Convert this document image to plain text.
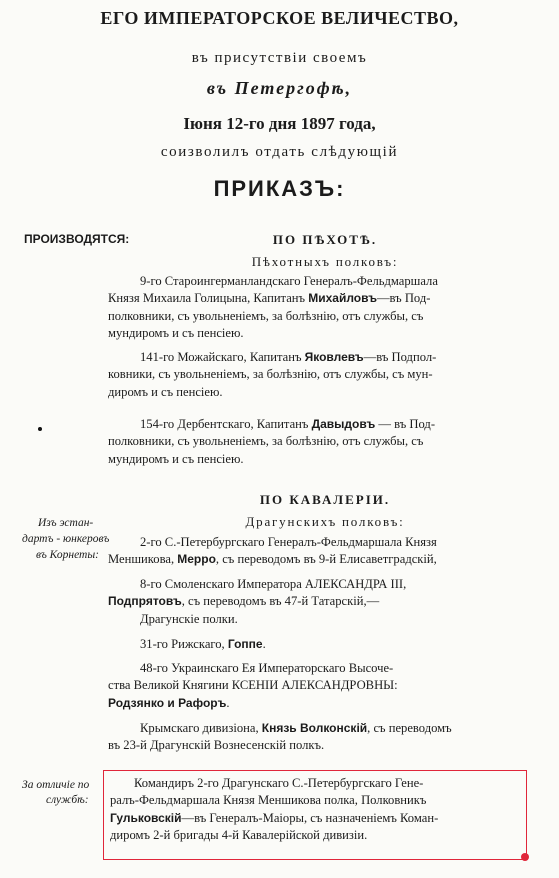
ЕГО ИМПЕРАТОРСКОЕ ВЕЛИЧЕСТВО,
въ присутствіи своемъ
въ Петергофѣ,
Іюня 12-го дня 1897 года,
соизволилъ отдать слѣдующій
ПРИКАЗЪ:
ПРОИЗВОДЯТСЯ:
Изъ эстан-
дартъ - юнкеровъ
въ Корнеты:
За отличіе по
службѣ:
ПО ПѢХОТѢ.
Пѣхотныхъ полковъ:
9-го Староингерманландскаго Генералъ-Фельдмаршала
Князя Михаила Голицына, Капитанъ Михайловъ—въ Под-
полковники, съ увольненіемъ, за болѣзнію, отъ службы, съ
мундиромъ и съ пенсіею.
141-го Можайскаго, Капитанъ Яковлевъ—въ Подпол-
ковники, съ увольненіемъ, за болѣзнію, отъ службы, съ мун-
диромъ и съ пенсіею.
154-го Дербентскаго, Капитанъ Давыдовъ — въ Под-
полковники, съ увольненіемъ, за болѣзнію, отъ службы, съ
мундиромъ и съ пенсіею.
ПО КАВАЛЕРІИ.
Драгунскихъ полковъ:
2-го С.-Петербургскаго Генералъ-Фельдмаршала Князя
Меншикова, Мерро, съ переводомъ въ 9-й Елисаветградскій,
8-го Смоленскаго Императора АЛЕКСАНДРА III,
Подпрятовъ, съ переводомъ въ 47-й Татарскій,—
Драгунскіе полки.
31-го Рижскаго, Гоппе.
48-го Украинскаго Ея Императорскаго Высоче-
ства Великой Княгини КСЕНІИ АЛЕКСАНДРОВНЫ:
Родзянко и Рафоръ.
Крымскаго дивизіона, Князь Волконскій, съ переводомъ
въ 23-й Драгунскій Вознесенскій полкъ.
Командиръ 2-го Драгунскаго С.-Петербургскаго Гене-
ралъ-Фельдмаршала Князя Меншикова полка, Полковникъ
Гульковскій—въ Генералъ-Маіоры, съ назначеніемъ Коман-
диромъ 2-й бригады 4-й Кавалерійской дивизіи.
